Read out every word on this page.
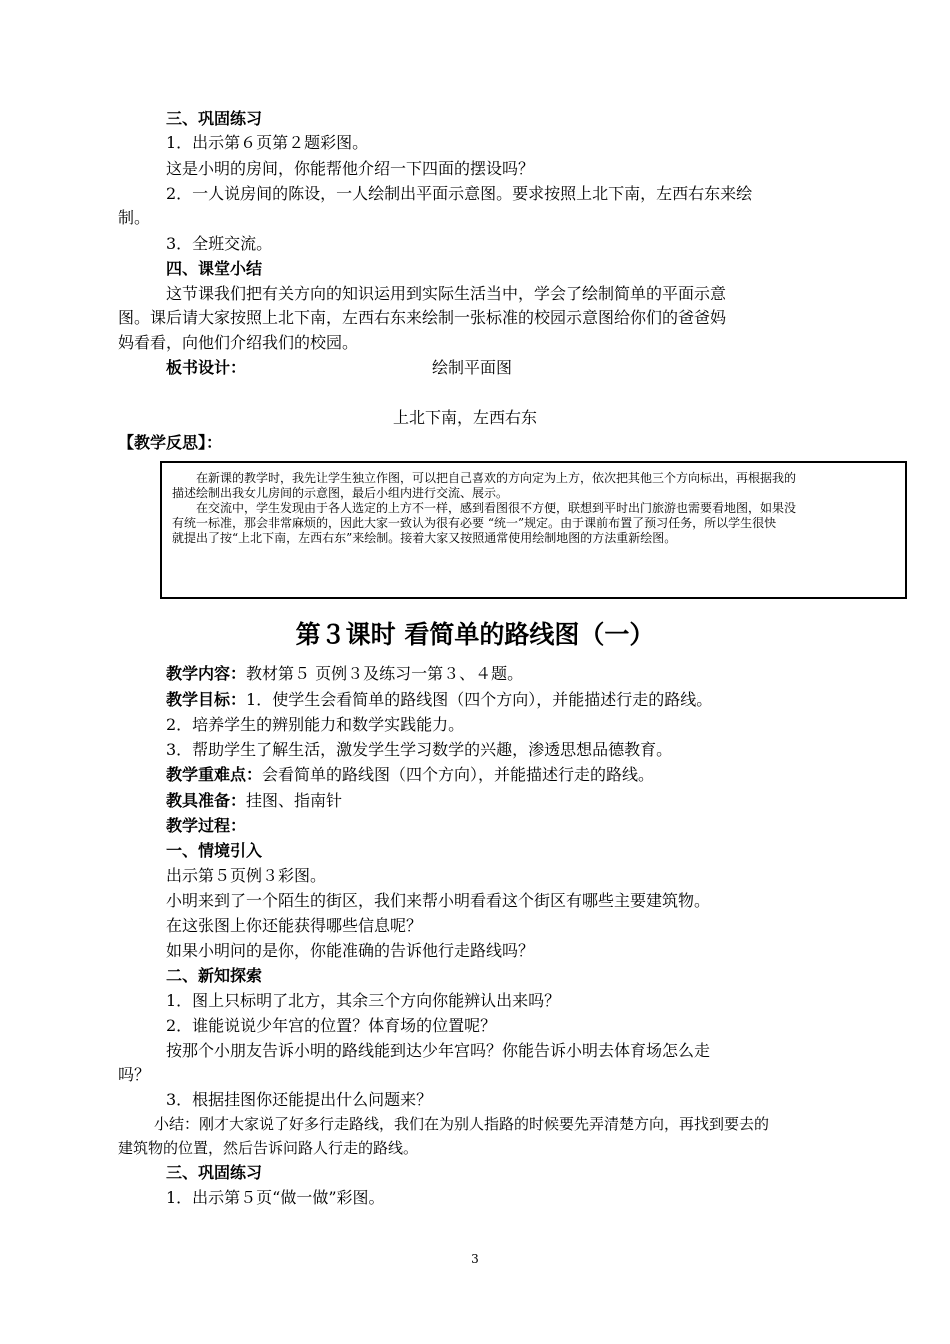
三、巩固练习
1．出示第６页第２题彩图。
这是小明的房间，你能帮他介绍一下四面的摆设吗？
2．一人说房间的陈设，一人绘制出平面示意图。要求按照上北下南，左西右东来绘
制。
3．全班交流。
四、课堂小结
这节课我们把有关方向的知识运用到实际生活当中，学会了绘制简单的平面示意
图。课后请大家按照上北下南，左西右东来绘制一张标准的校园示意图给你们的爸爸妈
妈看看，向他们介绍我们的校园。
板书设计：	绘制平面图
上北下南，左西右东
【教学反思】：
在新课的教学时，我先让学生独立作图，可以把自己喜欢的方向定为上方，依次把其他三个方向标出，再根据我的
描述绘制出我女儿房间的示意图，最后小组内进行交流、展示。
在交流中，学生发现由于各人选定的上方不一样，感到看图很不方便，联想到平时出门旅游也需要看地图，如果没
有统一标准，那会非常麻烦的，因此大家一致认为很有必要 “统一”规定。由于课前布置了预习任务，所以学生很快
就提出了按“上北下南，左西右东”来绘制。接着大家又按照通常使用绘制地图的方法重新绘图。
第３课时 看简单的路线图（一）
教学内容：教材第５ 页例３及练习一第３、４题。
教学目标：1．使学生会看简单的路线图（四个方向），并能描述行走的路线。
2．培养学生的辨别能力和数学实践能力。
3．帮助学生了解生活，激发学生学习数学的兴趣，渗透思想品德教育。
教学重难点：会看简单的路线图（四个方向），并能描述行走的路线。
教具准备：挂图、指南针
教学过程：
一、情境引入
出示第５页例３彩图。
小明来到了一个陌生的街区，我们来帮小明看看这个街区有哪些主要建筑物。
在这张图上你还能获得哪些信息呢？
如果小明问的是你，你能准确的告诉他行走路线吗？
二、新知探索
1．图上只标明了北方，其余三个方向你能辨认出来吗？
2．谁能说说少年宫的位置？体育场的位置呢？
按那个小朋友告诉小明的路线能到达少年宫吗？你能告诉小明去体育场怎么走
吗？
3．根据挂图你还能提出什么问题来？
小结：刚才大家说了好多行走路线，我们在为别人指路的时候要先弄清楚方向，再找到要去的
建筑物的位置，然后告诉问路人行走的路线。
三、巩固练习
1．出示第５页“做一做”彩图。
3
